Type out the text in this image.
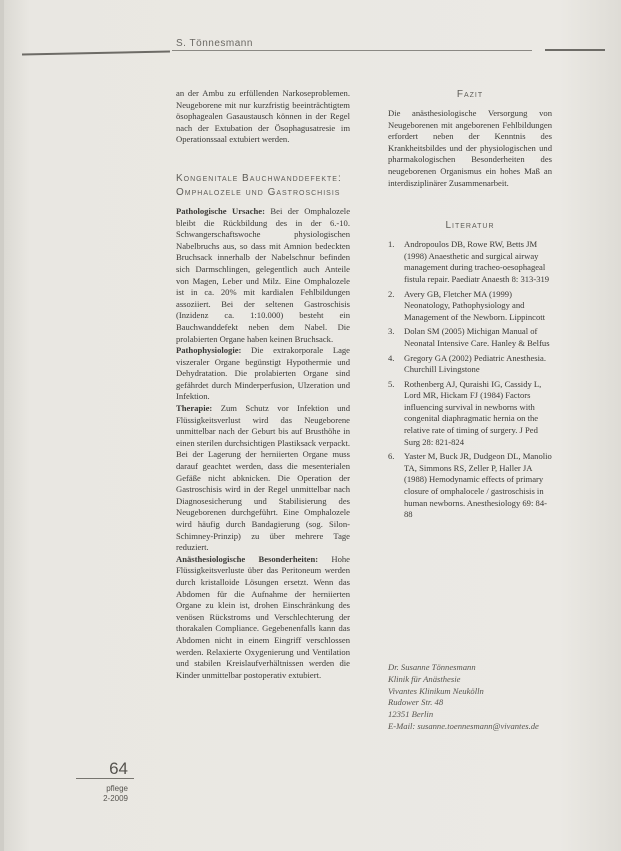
S. Tönnesmann

an der Ambu zu erfüllenden Narkoseproblemen. Neugeborene mit nur kurzfristig beeinträchtigtem ösophagealen Gasaustausch können in der Regel nach der Extubation der Ösophagusatresie im Operationssaal extubiert werden.

Kongenitale Bauchwanddefekte:
Omphalozele und Gastroschisis

Pathologische Ursache: Bei der Omphalozele bleibt die Rückbildung des in der 6.-10. Schwangerschaftswoche physiologischen Nabelbruchs aus, so dass mit Amnion bedeckten Bruchsack innerhalb der Nabelschnur befinden sich Darmschlingen, gelegentlich auch Anteile von Magen, Leber und Milz. Eine Omphalozele ist in ca. 20% mit kardialen Fehlbildungen assoziiert. Bei der seltenen Gastroschisis (Inzidenz ca. 1:10.000) besteht ein Bauchwanddefekt neben dem Nabel. Die prolabierten Organe haben keinen Bruchsack.

Pathophysiologie: Die extrakorporale Lage viszeraler Organe begünstigt Hypothermie und Dehydratation. Die prolabierten Organe sind gefährdet durch Minderperfusion, Ulzeration und Infektion.

Therapie: Zum Schutz vor Infektion und Flüssigkeitsverlust wird das Neugeborene unmittelbar nach der Geburt bis auf Brusthöhe in einen sterilen durchsichtigen Plastiksack verpackt. Bei der Lagerung der herniierten Organe muss darauf geachtet werden, dass die mesenterialen Gefäße nicht abknicken. Die Operation der Gastroschisis wird in der Regel unmittelbar nach Diagnosesicherung und Stabilisierung des Neugeborenen durchgeführt. Eine Omphalozele wird häufig durch Bandagierung (sog. Silon-Schimney-Prinzip) zu über mehrere Tage reduziert.

Anästhesiologische Besonderheiten: Hohe Flüssigkeitsverluste über das Peritoneum werden durch kristalloide Lösungen ersetzt. Wenn das Abdomen für die Aufnahme der herniierten Organe zu klein ist, drohen Einschränkung des venösen Rückstroms und Verschlechterung der thorakalen Compliance. Gegebenenfalls kann das Abdomen nicht in einem Eingriff verschlossen werden. Relaxierte Oxygenierung und Ventilation und stabilen Kreislaufverhältnissen werden die Kinder unmittelbar postoperativ extubiert.

Fazit

Die anästhesiologische Versorgung von Neugeborenen mit angeborenen Fehlbildungen erfordert neben der Kenntnis des Krankheitsbildes und der physiologischen und pharmakologischen Besonderheiten des neugeborenen Organismus ein hohes Maß an interdisziplinärer Zusammenarbeit.

Literatur

1.	Andropoulos DB, Rowe RW, Betts JM (1998) Anaesthetic and surgical airway management during tracheo-oesophageal fistula repair. Paediatr Anaesth 8: 313-319
2.	Avery GB, Fletcher MA (1999) Neonatology, Pathophysiology and Management of the Newborn. Lippincott
3.	Dolan SM (2005) Michigan Manual of Neonatal Intensive Care. Hanley & Belfus
4.	Gregory GA (2002) Pediatric Anesthesia. Churchill Livingstone
5.	Rothenberg AJ, Quraishi IG, Cassidy L, Lord MR, Hickam FJ (1984) Factors influencing survival in newborns with congenital diaphragmatic hernia on the relative rate of timing of surgery. J Ped Surg 28: 821-824
6.	Yaster M, Buck JR, Dudgeon DL, Manolio TA, Simmons RS, Zeller P, Haller JA (1988) Hemodynamic effects of primary closure of omphalocele / gastroschisis in human newborns. Anesthesiology 69: 84-88
Dr. Susanne Tönnesmann
Klinik für Anästhesie
Vivantes Klinikum Neukölln
Rudower Str. 48
12351 Berlin
E-Mail: susanne.toennesmann@vivantes.de
64
pflege
2-2009
